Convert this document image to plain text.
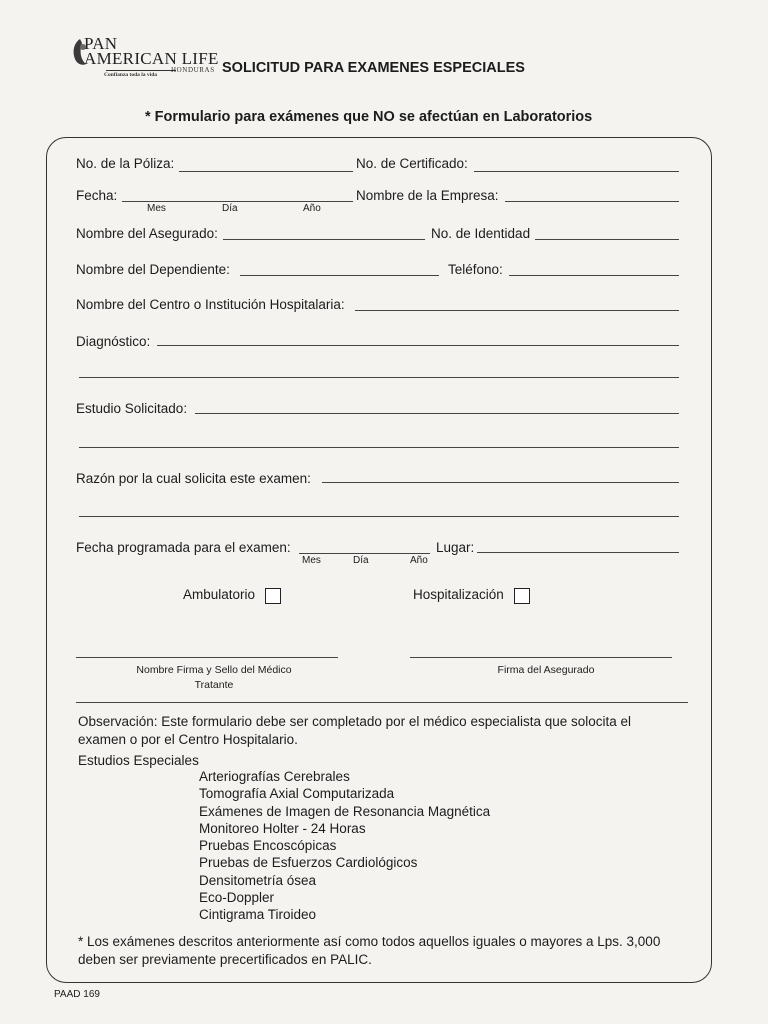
PAN
AMERICAN LIFE
HONDURAS
Confianza toda la vida	SOLICITUD PARA EXAMENES ESPECIALES
* Formulario para exámenes que NO se afectúan en Laboratorios
No. de la Póliza:	No. de Certificado:
Fecha:
Mes	Día	Año
Nombre de la Empresa:
Nombre del Asegurado:	No. de Identidad
Nombre del Dependiente:	Teléfono:
Nombre del Centro o Institución Hospitalaria:
Diagnóstico:
Estudio Solicitado:
Razón por la cual solicita este examen:
Fecha programada para el examen:
Mes	Día	Año
Lugar:
Ambulatorio	Hospitalización
Nombre Firma y Sello del Médico
Tratante
Firma del Asegurado
Observación: Este formulario debe ser completado por el médico especialista que solocita el
examen o por el Centro Hospitalario.
Estudios Especiales
Arteriografías Cerebrales
Tomografía Axial Computarizada
Exámenes de Imagen de Resonancia Magnética
Monitoreo Holter - 24 Horas
Pruebas Encoscópicas
Pruebas de Esfuerzos Cardiológicos
Densitometría ósea
Eco-Doppler
Cintigrama Tiroideo
* Los exámenes descritos anteriormente así como todos aquellos iguales o mayores a Lps. 3,000
deben ser previamente precertificados en PALIC.
PAAD 169
